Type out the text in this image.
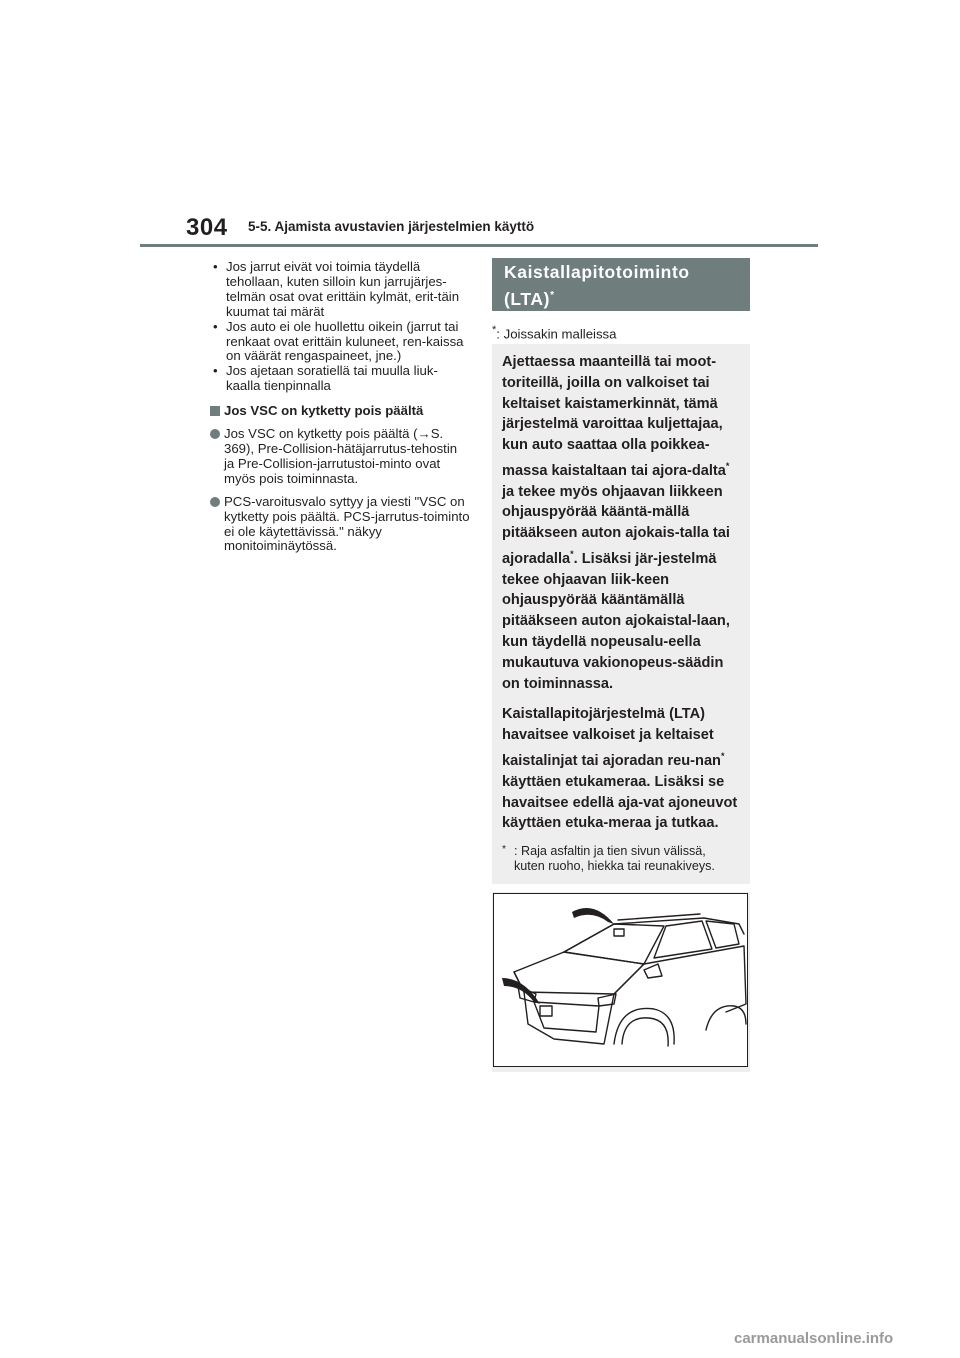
304 5-5. Ajamista avustavien järjestelmien käyttö
• Jos jarrut eivät voi toimia täydellä tehollaan, kuten silloin kun jarrujärjes-telmän osat ovat erittäin kylmät, erit-täin kuumat tai märät
• Jos auto ei ole huollettu oikein (jarrut tai renkaat ovat erittäin kuluneet, ren-kaissa on väärät rengaspaineet, jne.)
• Jos ajetaan soratiellä tai muulla liuk-kaalla tienpinnalla
Jos VSC on kytketty pois päältä
Jos VSC on kytketty pois päältä (→S. 369), Pre-Collision-hätäjarrutus-tehostin ja Pre-Collision-jarrutustoi-minto ovat myös pois toiminnasta.
PCS-varoitusvalo syttyy ja viesti "VSC on kytketty pois päältä. PCS-jarrutus-toiminto ei ole käytettävissä." näkyy monitoiminäytössä.
Kaistallapitotoiminto
(LTA)*
*: Joissakin malleissa

Ajettaessa maanteillä tai moot-toriteillä, joilla on valkoiset tai keltaiset kaistamerkinnät, tämä järjestelmä varoittaa kuljettajaa, kun auto saattaa olla poikkea-massa kaistaltaan tai ajora-dalta* ja tekee myös ohjaavan liikkeen ohjauspyörää kääntä-mällä pitääkseen auton ajokais-talla tai ajoradalla*. Lisäksi jär-jestelmä tekee ohjaavan liik-keen ohjauspyörää kääntämällä pitääkseen auton ajokaistal-laan, kun täydellä nopeusalu-eella mukautuva vakionopeus-säädin on toiminnassa.

Kaistallapitojärjestelmä (LTA) havaitsee valkoiset ja keltaiset kaistalinjat tai ajoradan reu-nan* käyttäen etukameraa. Lisäksi se havaitsee edellä aja-vat ajoneuvot käyttäen etuka-meraa ja tutkaa.

* : Raja asfaltin ja tien sivun välissä, kuten ruoho, hiekka tai reunakiveys.
carmanualsonline.info
